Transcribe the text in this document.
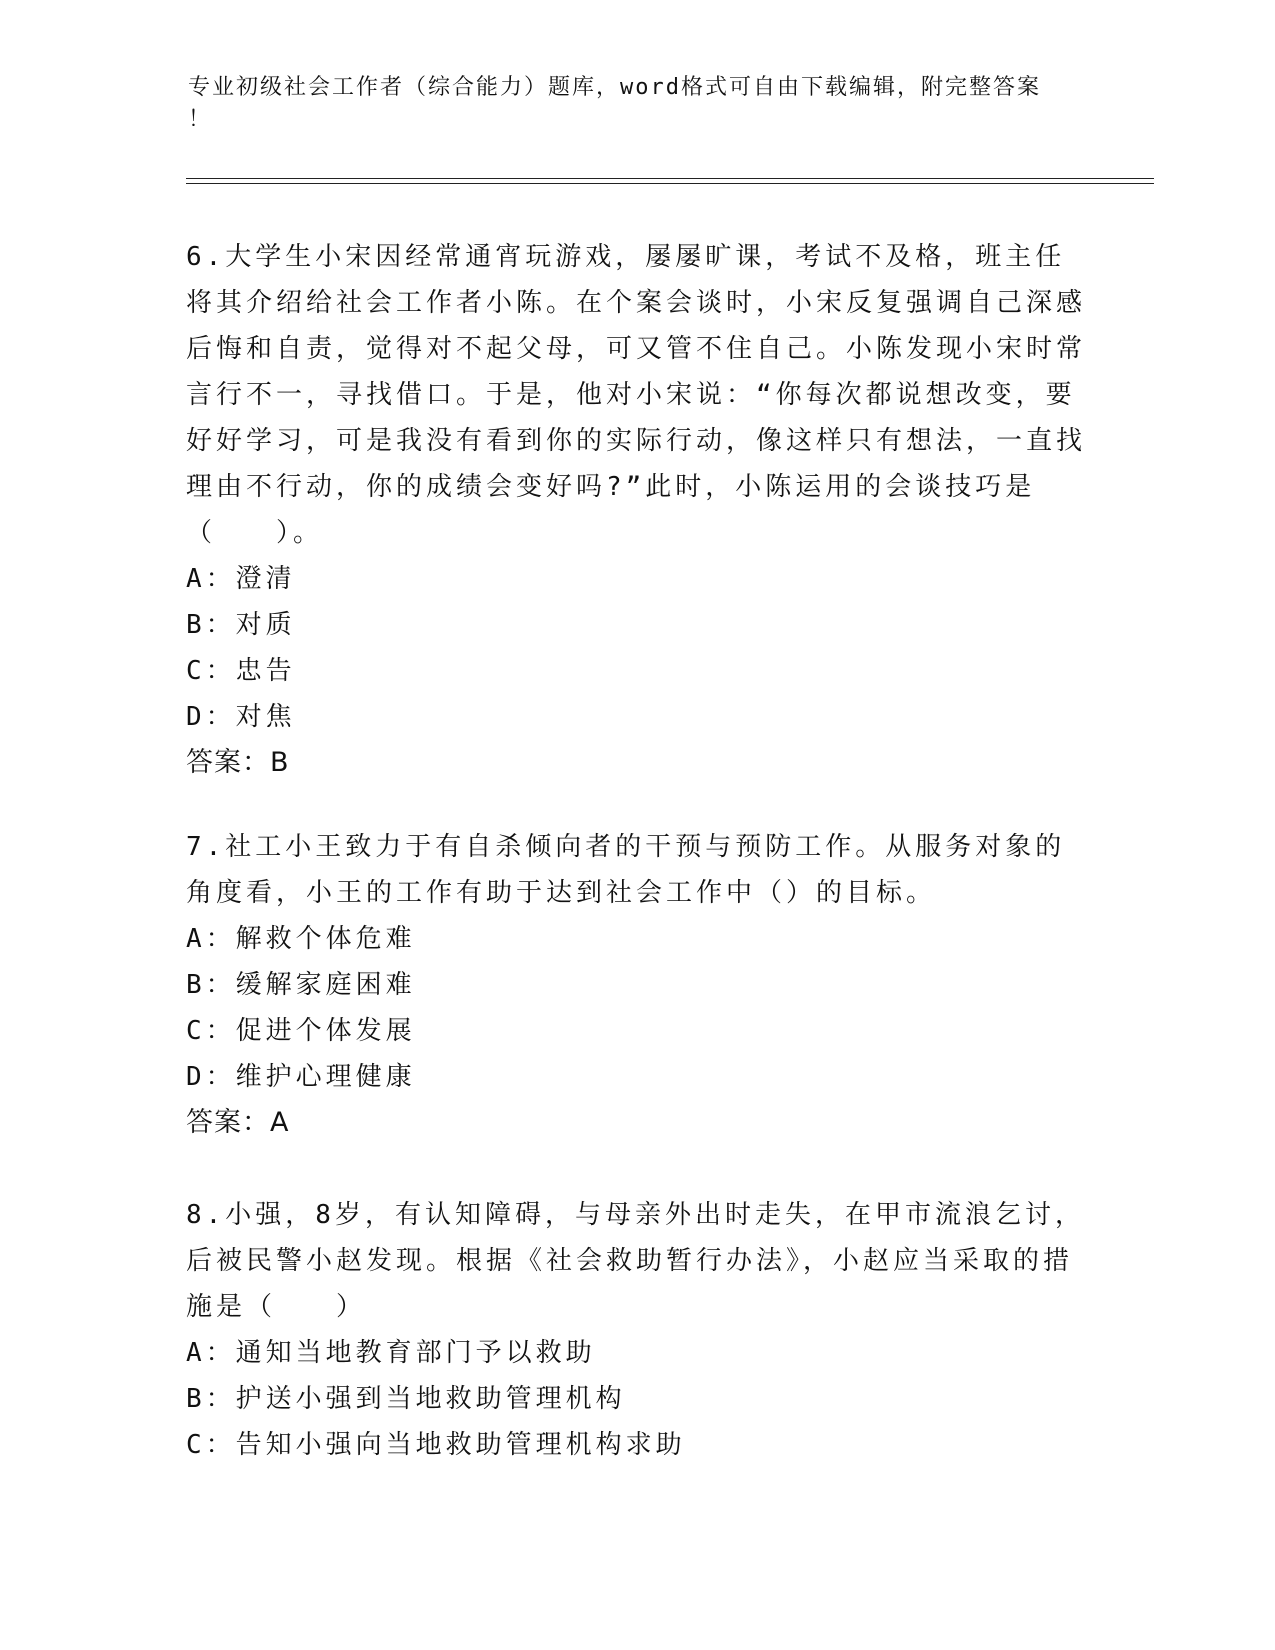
专业初级社会工作者（综合能力）题库，word格式可自由下载编辑，附完整答案
！
6.大学生小宋因经常通宵玩游戏，屡屡旷课，考试不及格，班主任将其介绍给社会工作者小陈。在个案会谈时，小宋反复强调自己深感后悔和自责，觉得对不起父母，可又管不住自己。小陈发现小宋时常言行不一，寻找借口。于是，他对小宋说：“你每次都说想改变，要好好学习，可是我没有看到你的实际行动，像这样只有想法，一直找理由不行动，你的成绩会变好吗?”此时，小陈运用的会谈技巧是（　　）。
A：澄清
B：对质
C：忠告
D：对焦
答案：B
7.社工小王致力于有自杀倾向者的干预与预防工作。从服务对象的角度看，小王的工作有助于达到社会工作中（）的目标。
A：解救个体危难
B：缓解家庭困难
C：促进个体发展
D：维护心理健康
答案：A
8.小强，8岁，有认知障碍，与母亲外出时走失，在甲市流浪乞讨，后被民警小赵发现。根据《社会救助暂行办法》，小赵应当采取的措施是（　　）
A：通知当地教育部门予以救助
B：护送小强到当地救助管理机构
C：告知小强向当地救助管理机构求助
